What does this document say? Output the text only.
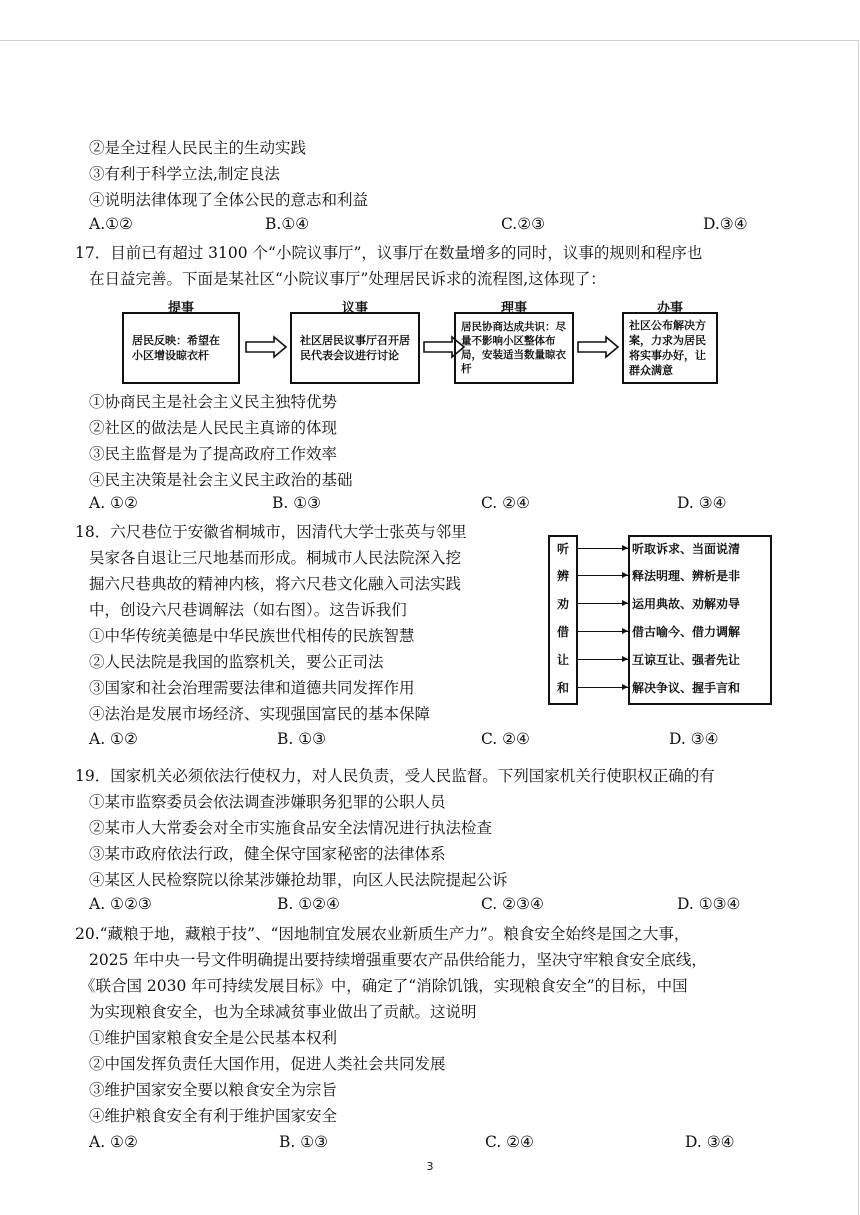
②是全过程人民民主的生动实践
③有利于科学立法,制定良法
④说明法律体现了全体公民的意志和利益
A.①②	B.①④	C.②③	D.③④
17．目前已有超过 3100 个“小院议事厅”，议事厅在数量增多的同时，议事的规则和程序也
在日益完善。下面是某社区“小院议事厅”处理居民诉求的流程图,这体现了：
提事
居民反映：希望在小区增设晾衣杆
议事
社区居民议事厅召开居民代表会议进行讨论
理事
居民协商达成共识：尽量不影响小区整体布局，安装适当数量晾衣杆
办事
社区公布解决方案，力求为居民将实事办好，让群众满意
①协商民主是社会主义民主独特优势
②社区的做法是人民民主真谛的体现
③民主监督是为了提高政府工作效率
④民主决策是社会主义民主政治的基础
A. ①②	B. ①③	C. ②④	D. ③④
18．六尺巷位于安徽省桐城市，因清代大学士张英与邻里
吴家各自退让三尺地基而形成。桐城市人民法院深入挖
掘六尺巷典故的精神内核，将六尺巷文化融入司法实践
中，创设六尺巷调解法（如右图）。这告诉我们
①中华传统美德是中华民族世代相传的民族智慧
②人民法院是我国的监察机关，要公正司法
③国家和社会治理需要法律和道德共同发挥作用
④法治是发展市场经济、实现强国富民的基本保障
听
辨
劝
借
让
和
听取诉求、当面说清
释法明理、辨析是非
运用典故、劝解劝导
借古喻今、借力调解
互谅互让、强者先让
解决争议、握手言和
A. ①②	B. ①③	C. ②④	D. ③④
19．国家机关必须依法行使权力，对人民负责，受人民监督。下列国家机关行使职权正确的有
①某市监察委员会依法调查涉嫌职务犯罪的公职人员
②某市人大常委会对全市实施食品安全法情况进行执法检查
③某市政府依法行政，健全保守国家秘密的法律体系
④某区人民检察院以徐某涉嫌抢劫罪，向区人民法院提起公诉
A. ①②③	B. ①②④	C. ②③④	D. ①③④
20.“藏粮于地，藏粮于技”、“因地制宜发展农业新质生产力”。粮食安全始终是国之大事，
2025 年中央一号文件明确提出要持续增强重要农产品供给能力，坚决守牢粮食安全底线，
《联合国 2030 年可持续发展目标》中，确定了“消除饥饿，实现粮食安全”的目标，中国
为实现粮食安全，也为全球减贫事业做出了贡献。这说明
①维护国家粮食安全是公民基本权利
②中国发挥负责任大国作用，促进人类社会共同发展
③维护国家安全要以粮食安全为宗旨
④维护粮食安全有利于维护国家安全
A. ①②	B. ①③	C. ②④	D. ③④
3
